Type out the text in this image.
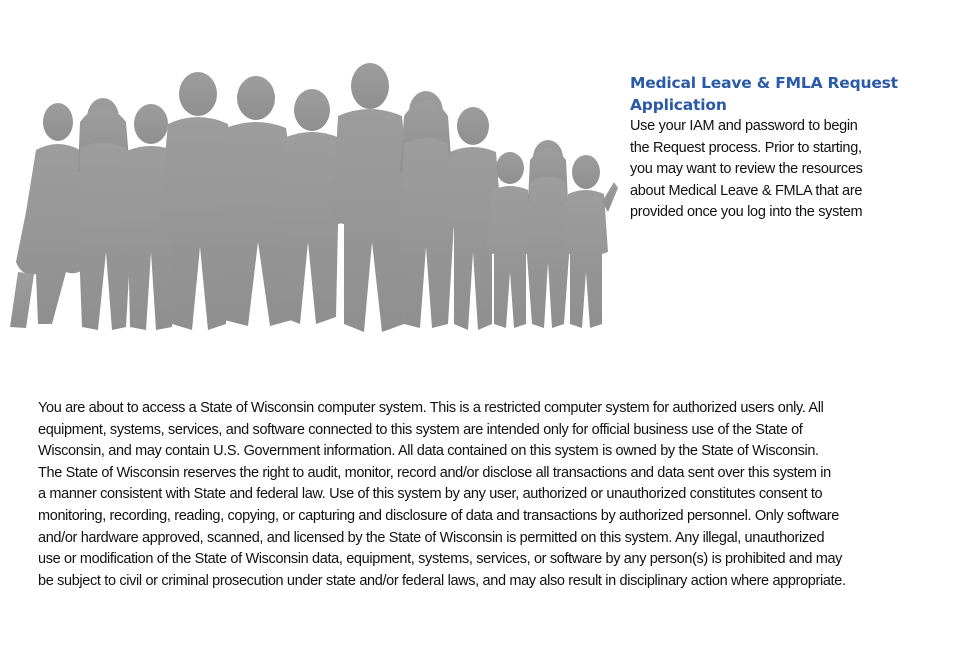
Medical Leave & FMLA Request
Application

Use your IAM and password to begin
the Request process. Prior to starting,
you may want to review the resources
about Medical Leave & FMLA that are
provided once you log into the system

You are about to access a State of Wisconsin computer system. This is a restricted computer system for authorized users only. All
equipment, systems, services, and software connected to this system are intended only for official business use of the State of
Wisconsin, and may contain U.S. Government information. All data contained on this system is owned by the State of Wisconsin.
The State of Wisconsin reserves the right to audit, monitor, record and/or disclose all transactions and data sent over this system in
a manner consistent with State and federal law. Use of this system by any user, authorized or unauthorized constitutes consent to
monitoring, recording, reading, copying, or capturing and disclosure of data and transactions by authorized personnel. Only software
and/or hardware approved, scanned, and licensed by the State of Wisconsin is permitted on this system. Any illegal, unauthorized
use or modification of the State of Wisconsin data, equipment, systems, services, or software by any person(s) is prohibited and may
be subject to civil or criminal prosecution under state and/or federal laws, and may also result in disciplinary action where appropriate.
